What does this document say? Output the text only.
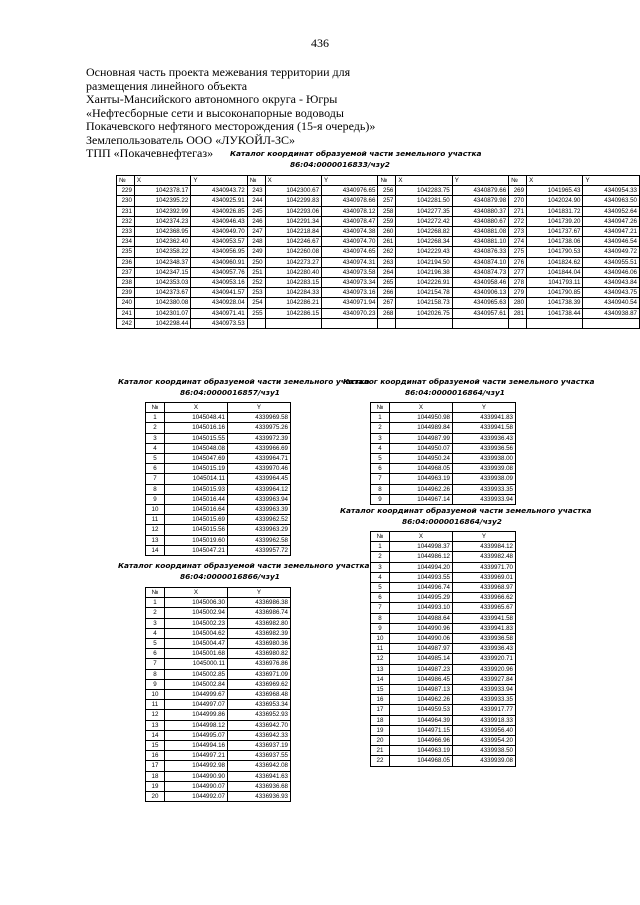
436
Основная часть проекта межевания территории для
размещения линейного объекта
Ханты-Мансийского автономного округа - Югры
«Нефтесборные сети и высоконапорные водоводы
Покачевского нефтяного месторождения (15-я очередь)»
Землепользователь ООО «ЛУКОЙЛ-ЗС»
ТПП «Покачевнефтегаз»	Каталог координат образуемой части земельного участка
86:04:0000016833/чзу2
№	X	Y	№	X	Y	№	X	Y	№	X	Y
229	1042378.17	4340943.72	243	1042300.67	4340976.65	256	1042283.75	4340879.66	269	1041965.43	4340954.33
230	1042395.22	4340925.91	244	1042299.83	4340978.66	257	1042281.50	4340879.98	270	1042024.90	4340963.50
231	1042392.99	4340926.85	245	1042293.06	4340978.12	258	1042277.35	4340880.37	271	1041831.72	4340952.64
232	1042374.23	4340946.43	246	1042291.34	4340978.47	259	1042272.42	4340880.67	272	1041739.20	4340947.26
233	1042368.95	4340949.70	247	1042218.84	4340974.38	260	1042268.82	4340881.08	273	1041737.67	4340947.21
234	1042362.40	4340953.57	248	1042246.67	4340974.70	261	1042268.34	4340881.10	274	1041738.06	4340946.54
235	1042358.22	4340956.95	249	1042260.08	4340974.65	262	1042229.43	4340876.33	275	1041790.53	4340949.72
236	1042348.37	4340960.91	250	1042273.27	4340974.31	263	1042194.50	4340874.10	276	1041824.62	4340955.51
237	1042347.15	4340957.76	251	1042280.40	4340973.58	264	1042196.38	4340874.73	277	1041844.04	4340946.06
238	1042353.03	4340953.16	252	1042283.15	4340973.34	265	1042226.91	4340958.46	278	1041793.11	4340943.84
239	1042373.67	4340941.57	253	1042284.33	4340973.16	266	1042154.78	4340906.13	279	1041790.85	4340943.75
240	1042380.08	4340928.04	254	1042286.21	4340971.94	267	1042158.73	4340965.63	280	1041738.39	4340940.54
241	1042301.07	4340971.41	255	1042286.15	4340970.23	268	1042026.75	4340957.61	281	1041738.44	4340938.87
242	1042298.44	4340973.53									
Каталог координат образуемой части земельного участка
86:04:0000016857/чзу1
№	X	Y
1	1045048.41	4339969.58
2	1045016.16	4339975.26
3	1045015.55	4339972.39
4	1045048.08	4339966.69
5	1045047.69	4339964.71
6	1045015.19	4339970.46
7	1045014.11	4339964.45
8	1045015.93	4339964.12
9	1045016.44	4339963.94
10	1045016.64	4339963.39
11	1045015.69	4339962.52
12	1045015.56	4339963.29
13	1045019.60	4339962.58
14	1045047.21	4339957.72
Каталог координат образуемой части земельного участка
86:04:0000016864/чзу1
№	X	Y
1	1044950.98	4339941.83
2	1044989.84	4339941.58
3	1044987.99	4339936.43
4	1044950.07	4339936.56
5	1044950.24	4339938.00
6	1044968.05	4339939.08
7	1044963.19	4339938.09
8	1044962.26	4339933.35
9	1044967.14	4339933.94
Каталог координат образуемой части земельного участка
86:04:0000016866/чзу1
№	X	Y
1	1045006.30	4336986.38
2	1045002.94	4336986.74
3	1045002.23	4336982.80
4	1045004.62	4336982.39
5	1045004.47	4336980.36
6	1045001.68	4336980.82
7	1045000.11	4336976.86
8	1045002.85	4336971.09
9	1045002.84	4336969.62
10	1044999.67	4336968.48
11	1044997.07	4336953.34
12	1044999.86	4336952.93
13	1044998.12	4336942.70
14	1044995.07	4336942.33
15	1044994.16	4336937.19
16	1044997.21	4336937.55
17	1044992.98	4336942.08
18	1044990.90	4336941.63
19	1044990.07	4336936.68
20	1044992.07	4336936.93
Каталог координат образуемой части земельного участка
86:04:0000016864/чзу2
№	X	Y
1	1044998.37	4339984.12
2	1044986.12	4339982.48
3	1044994.20	4339971.70
4	1044993.55	4339969.01
5	1044996.74	4339968.97
6	1044995.29	4339966.62
7	1044993.10	4339965.67
8	1044988.64	4339941.58
9	1044990.96	4339941.83
10	1044990.06	4339936.58
11	1044987.97	4339936.43
12	1044985.14	4339920.71
13	1044987.23	4339920.96
14	1044986.45	4339927.84
15	1044987.13	4339933.94
16	1044962.26	4339933.35
17	1044959.53	4339917.77
18	1044964.39	4339918.33
19	1044971.15	4339956.40
20	1044966.96	4339954.20
21	1044963.19	4339938.50
22	1044968.05	4339939.08
